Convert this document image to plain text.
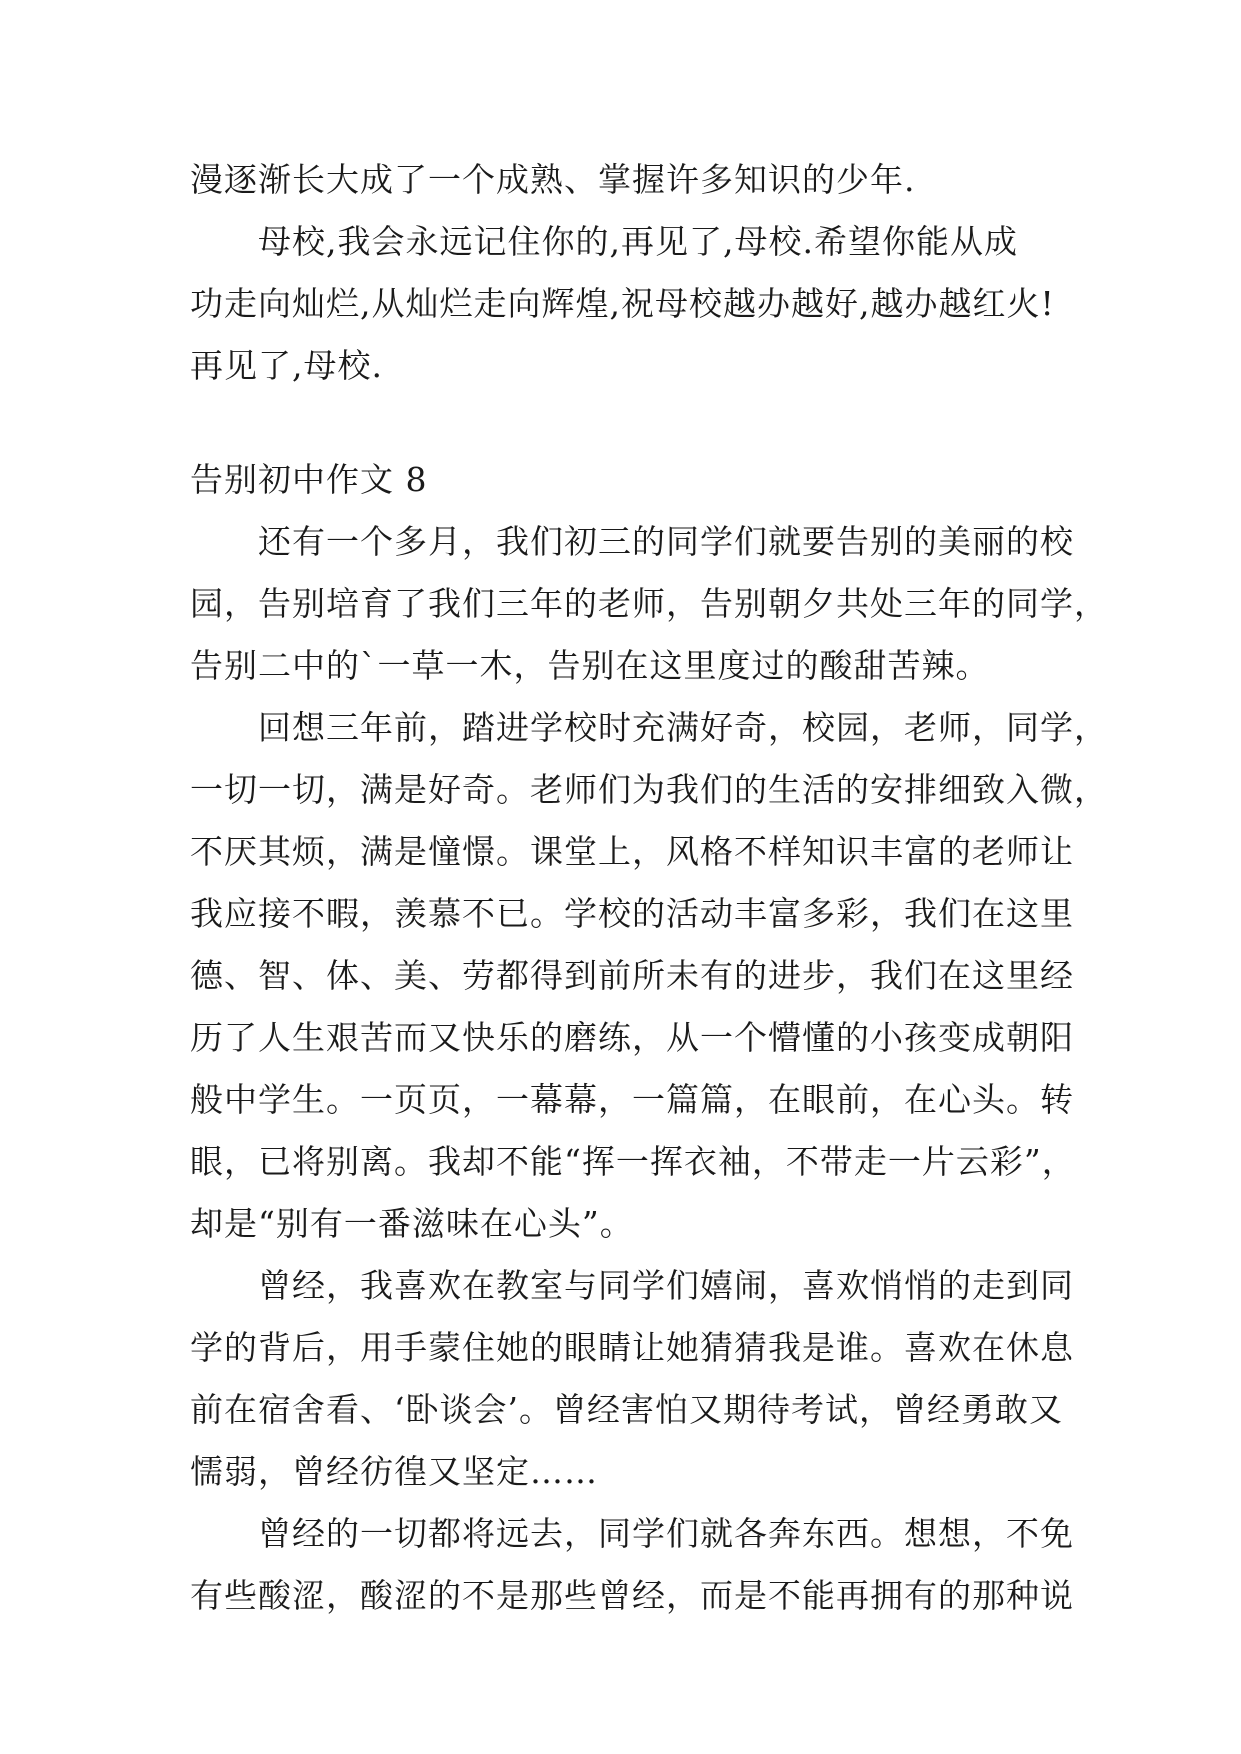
漫逐渐长大成了一个成熟、掌握许多知识的少年.
母校,我会永远记住你的,再见了,母校.希望你能从成
功走向灿烂,从灿烂走向辉煌,祝母校越办越好,越办越红火!
再见了,母校.
告别初中作文 8
还有一个多月，我们初三的同学们就要告别的美丽的校
园，告别培育了我们三年的老师，告别朝夕共处三年的同学，
告别二中的`一草一木，告别在这里度过的酸甜苦辣。
回想三年前，踏进学校时充满好奇，校园，老师，同学，
一切一切，满是好奇。老师们为我们的生活的安排细致入微，
不厌其烦，满是憧憬。课堂上，风格不样知识丰富的老师让
我应接不暇，羡慕不已。学校的活动丰富多彩，我们在这里
德、智、体、美、劳都得到前所未有的进步，我们在这里经
历了人生艰苦而又快乐的磨练，从一个懵懂的小孩变成朝阳
般中学生。一页页，一幕幕，一篇篇，在眼前，在心头。转
眼，已将别离。我却不能“挥一挥衣袖，不带走一片云彩”，
却是“别有一番滋味在心头”。
曾经，我喜欢在教室与同学们嬉闹，喜欢悄悄的走到同
学的背后，用手蒙住她的眼睛让她猜猜我是谁。喜欢在休息
前在宿舍看、‘卧谈会’。曾经害怕又期待考试，曾经勇敢又
懦弱，曾经彷徨又坚定……
曾经的一切都将远去，同学们就各奔东西。想想，不免
有些酸涩，酸涩的不是那些曾经，而是不能再拥有的那种说
